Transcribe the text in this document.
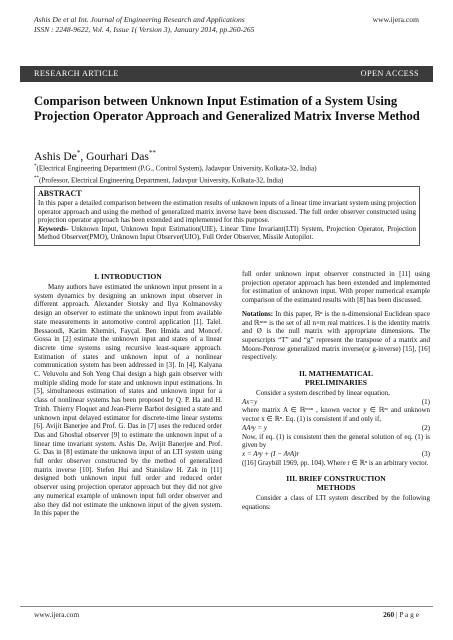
Ashis De et al Int. Journal of Engineering Research and Applications
ISSN : 2248-9622, Vol. 4, Issue 1( Version 3), January 2014, pp.260-265
www.ijera.com
RESEARCH ARTICLE	OPEN ACCESS
Comparison between Unknown Input Estimation of a System Using Projection Operator Approach and Generalized Matrix Inverse Method
Ashis De*, Gourhari Das**
*(Electrical Engineering Department (P.G., Control System), Jadavpur University, Kolkata-32, India)
**(Professor, Electrical Engineering Department, Jadavpur University, Kolkata-32, India)
ABSTRACT
In this paper a detailed comparison between the estimation results of unknown inputs of a linear time invariant system using projection operator approach and using the method of generalized matrix inverse have been discussed. The full order observer constructed using projection operator approach has been extended and implemented for this purpose.
Keywords- Unknown Input, Unknown Input Estimation(UIE), Linear Time Invariant(LTI) System, Projection Operator, Projection Method Observer(PMO), Unknown Input Observer(UIO), Full Order Observer, Missile Autopilot.
I. INTRODUCTION
Many authors have estimated the unknown input present in a system dynamics by designing an unknown input observer in different approach. Alexander Stotsky and Ilya Kolmanovsky design an observer to estimate the unknown input from available state measurements in automotive control application [1]. Talel. Bessaoudi, Karim Khemiri, Fayçal. Ben Hmida and Moncef. Gossa in [2] estimate the unknown input and states of a linear discrete time systems using recursive least-square approach. Estimation of states and unknown input of a nonlinear communication system has been addressed in [3]. In [4], Kalyana C. Veluvolu and Soh Yeng Chai design a high gain observer with multiple sliding mode for state and unknown input estimations. In [5], simultaneous estimation of states and unknown input for a class of nonlinear systems has been proposed by Q. P. Ha and H. Trinh. Thierry Floquet and Jean-Pierre Barbot designed a state and unknown input delayed estimator for discrete-time linear systems [6]. Avijit Banerjee and Prof. G. Das in [7] uses the reduced order Das and Ghoshal observer [9] to estimate the unknown input of a linear time invariant system. Ashis De, Avijit Banerjee and Prof. G. Das in [8] estimate the unknown input of an LTI system using full order observer constructed by the method of generalized matrix inverse [10]. Stefen Hui and Stanislaw H. Zak in [11] designed both unknown input full order and reduced order observer using projection operator approach but they did not give any numerical example of unknown input full order observer and also they did not estimate the unknown input of the given system. In this paper the
full order unknown input observer constructed in [11] using projection operator approach has been extended and implemented for estimation of unknown input. With proper numerical example comparison of the estimated results with [8] has been discussed.
Notations: In this paper, ℝⁿ is the n-dimensional Euclidean space and ℝⁿˣᵐ is the set of all n×m real matrices. I is the identity matrix and Ø is the null matrix with appropriate dimensions. The superscripts “T” and “g” represent the transpose of a matrix and Moore-Penrose generalized matrix inverse(or g-inverse) [15], [16] respectively.
II. MATHEMATICAL
PRELIMINARIES
Consider a system described by linear equation,
Ax=y	(1)
where matrix A ∈ ℝᵐˣⁿ , known vector y ∈ ℝᵐ and unknown vector x ∈ ℝⁿ. Eq. (1) is consistent if and only if,
AAᵍy = y	(2)
Now, if eq. (1) is consistent then the general solution of eq. (1) is given by
x = Aᵍy + (I − AᵍA)r	(3)
([16] Graybill 1969, pp. 104). Where r ∈ ℝⁿ is an arbitrary vector.
III. BRIEF CONSTRUCTION
METHODS
Consider a class of LTI system described by the following equations:
www.ijera.com	260 | P a g e
